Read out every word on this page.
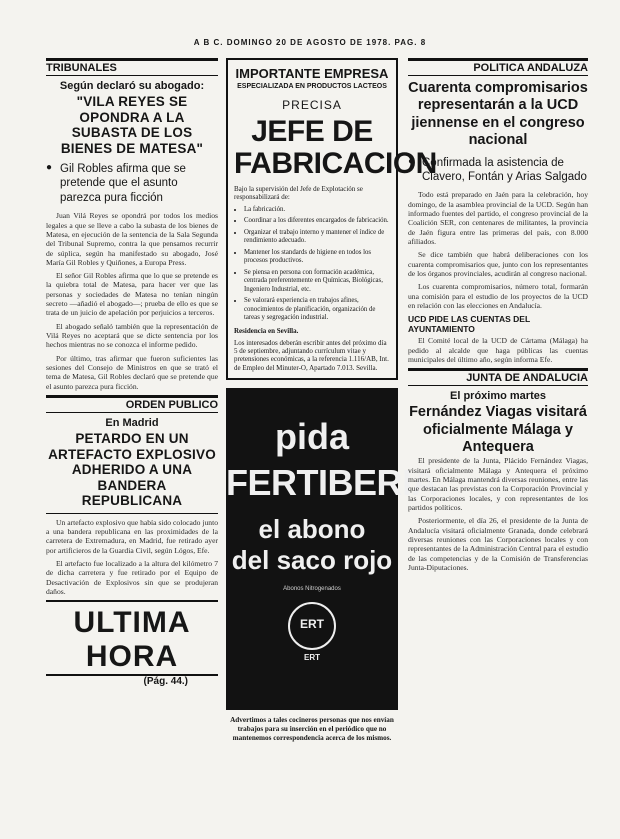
A B C. DOMINGO 20 DE AGOSTO DE 1978. PAG. 8
TRIBUNALES
Según declaró su abogado:
"VILA REYES SE OPONDRA A LA SUBASTA DE LOS BIENES DE MATESA"
● Gil Robles afirma que se pretende que el asunto parezca pura ficción

Juan Vilá Reyes se opondrá por todos los medios legales a que se lleve a cabo la subasta de los bienes de Matesa, en ejecución de la sentencia de la Sala Segunda del Tribunal Supremo, contra la que pensamos recurrir de súplica, según ha manifestado su abogado, José María Gil Robles y Quiñones, a Europa Press.

El señor Gil Robles afirma que lo que se pretende es la quiebra total de Matesa, para hacer ver que las personas y sociedades de Matesa no tenían ningún secreto —añadió el abogado—; prueba de ello es que se trata de un juicio de apelación por perjuicios a terceros.

El abogado señaló también que la representación de Vilá Reyes no aceptará que se dicte sentencia por los hechos mientras no se conozca el informe pedido.

Por último, tras afirmar que fueron suficientes las sesiones del Consejo de Ministros en que se trató el tema de Matesa, Gil Robles declaró que se pretende que el asunto parezca pura ficción.

ORDEN PUBLICO
En Madrid
PETARDO EN UN ARTEFACTO EXPLOSIVO ADHERIDO A UNA BANDERA REPUBLICANA

Un artefacto explosivo que había sido colocado junto a una bandera republicana en las proximidades de la carretera de Extremadura, en Madrid, fue retirado ayer por artificieros de la Guardia Civil, según Lógos, Efe.

El artefacto fue localizado a la altura del kilómetro 7 de dicha carretera y fue retirado por el Equipo de Desactivación de Explosivos sin que se produjeran daños.

ULTIMA HORA
(Pág. 44.)
IMPORTANTE EMPRESA
ESPECIALIZADA EN PRODUCTOS LACTEOS
PRECISA
JEFE DE
FABRICACION
Bajo la supervisión del Jefe de Explotación se responsabilizará de:
• La fabricación.
• Coordinar a los diferentes encargados de fabricación.
• Organizar el trabajo interno y mantener el índice de rendimiento adecuado.
• Mantener los standards de higiene en todos los procesos productivos.
• Se piensa en persona con formación académica, centrada preferentemente en Químicas, Biológicas, Ingeniero Industrial, etc.
• Se valorará experiencia en trabajos afines, conocimientos de planificación, organización de tareas y segregación industrial.
Residencia en Sevilla.
Los interesados deberán escribir antes del próximo día 5 de septiembre, adjuntando currículum vitae y pretensiones económicas, a la referencia 1.116/AB, Int. de Empleo del Minuter-O, Apartado 7.013. Sevilla.
pida
FERTIBERIA
el abono
del saco rojo
Abonos Nitrogenados
ERT
ERT
Advertimos a tales cocineros personas que nos envían trabajos para su inserción en el periódico que no mantenemos correspondencia acerca de los mismos.
POLITICA ANDALUZA
Cuarenta compromisarios representarán a la UCD jiennense en el congreso nacional
● Confirmada la asistencia de Clavero, Fontán y Arias Salgado

Todo está preparado en Jaén para la celebración, hoy domingo, de la asamblea provincial de la UCD. Según han informado fuentes del partido, el congreso provincial de la Coalición SER, con centenares de militantes, la provincia de Jaén figura entre las primeras del país, con 8.000 afiliados.

Se dice también que habrá deliberaciones con los cuarenta compromisarios que, junto con los representantes de los órganos provinciales, acudirán al congreso nacional.

Los cuarenta compromisarios, número total, formarán una comisión para el estudio de los proyectos de la UCD en relación con las elecciones en Andalucía.

UCD PIDE LAS CUENTAS DEL AYUNTAMIENTO

El Comité local de la UCD de Cártama (Málaga) ha pedido al alcalde que haga públicas las cuentas municipales del último año, según informa Efe.

JUNTA DE ANDALUCIA
El próximo martes
Fernández Viagas visitará oficialmente Málaga y Antequera

El presidente de la Junta, Plácido Fernández Viagas, visitará oficialmente Málaga y Antequera el próximo martes. En Málaga mantendrá diversas reuniones, entre las que destacan las previstas con la Corporación Provincial y las Corporaciones locales, y con representantes de los partidos políticos.

Posteriormente, el día 26, el presidente de la Junta de Andalucía visitará oficialmente Granada, donde celebrará diversas reuniones con las Corporaciones locales y con representantes de la Administración Central para el estudio de las competencias y de la Comisión de Transferencias Junta-Diputaciones.
